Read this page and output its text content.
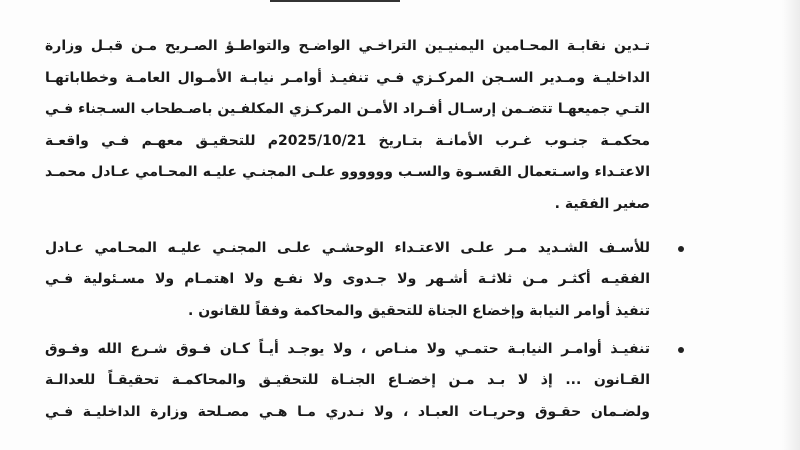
تـدين نقابـة المحـامين اليمنيـين التراخـي الواضـح والتواطـؤ الصـريح مـن قبـل وزارة
الداخليـة ومـدير السـجن المركـزي فـي تنفيـذ أوامـر نيابـة الأمـوال العامـة وخطاباتهـا
التـي جميعهـا تتضـمن إرسـال أفـراد الأمـن المركـزي المكلفـين باصـطحاب السـجناء فـي
محكمـة جنـوب غـرب الأمانـة بتـاريخ 2025/10/21م للتحقيـق معهـم فـي واقعـة
الاعتـداء واسـتعمال القسـوة والسـب وووووو علـى المجنـي عليـه المحـامي عـادل محمـد
صغير الفقية .
للأسـف الشـديد مـر علـى الاعتـداء الوحشـي علـى المجنـي عليـه المحـامي عـادل
الفقيـه أكثـر مـن ثلاثـة أشـهر ولا جـدوى ولا نفـع ولا اهتمـام ولا مسـئولية فـي
تنفيذ أوامر النيابة وإخضاع الجناة للتحقيق والمحاكمة وفقاً للقانون .
تنفيـذ أوامـر النيابـة حتمـي ولا منـاص ، ولا يوجـد أيـاً كـان فـوق شـرع الله وفـوق
القـانون ... إذ لا بـد مـن إخضـاع الجنـاة للتحقيـق والمحاكمـة تحقيقـاً للعدالـة
ولضـمان حقـوق وحريـات العبـاد ، ولا نـدري مـا هـي مصـلحة وزارة الداخليـة فـي
